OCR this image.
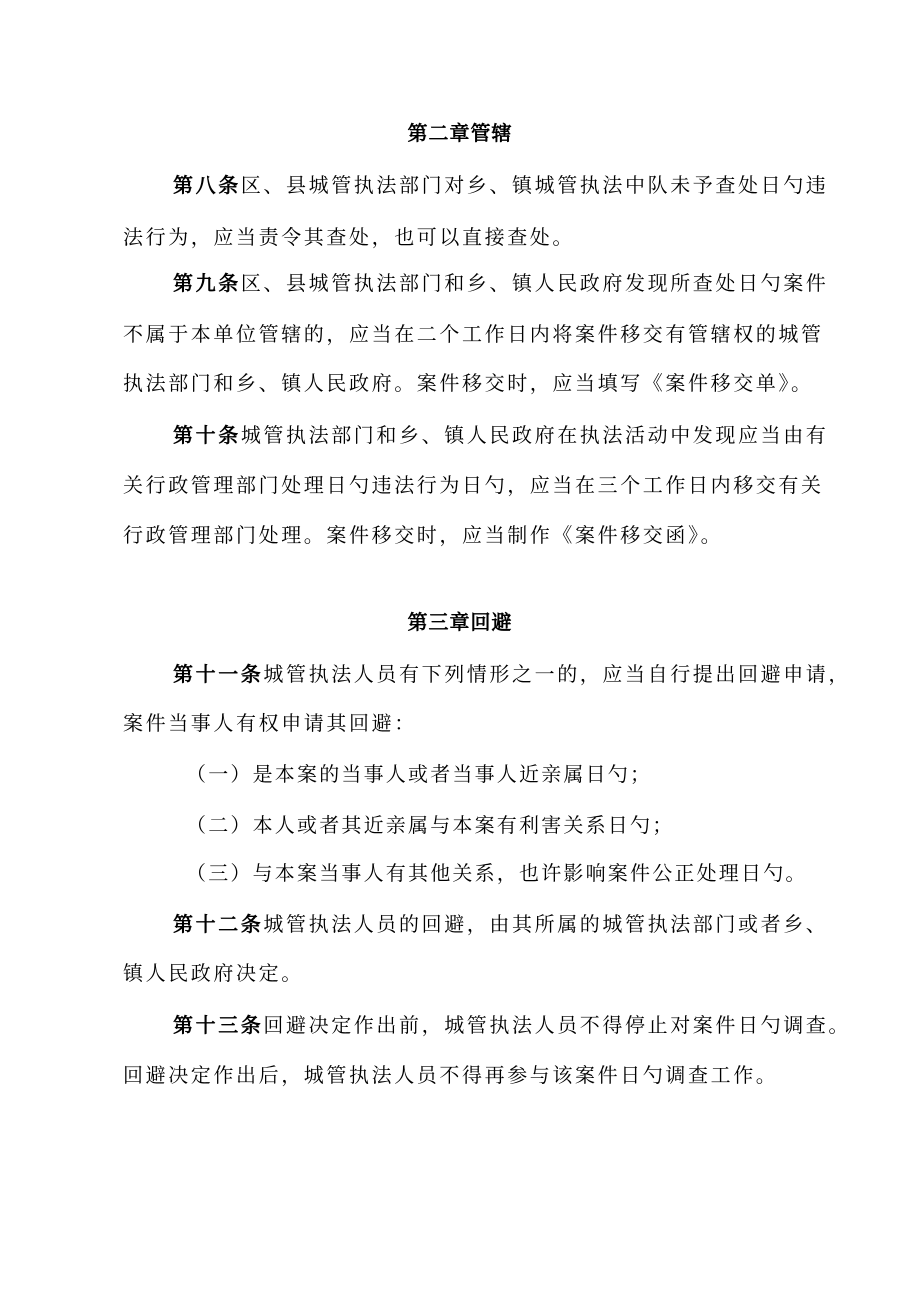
第二章管辖
第八条区、县城管执法部门对乡、镇城管执法中队未予查处日勺违
法行为，应当责令其查处，也可以直接查处。
第九条区、县城管执法部门和乡、镇人民政府发现所查处日勺案件
不属于本单位管辖的，应当在二个工作日内将案件移交有管辖权的城管
执法部门和乡、镇人民政府。案件移交时，应当填写《案件移交单》。
第十条城管执法部门和乡、镇人民政府在执法活动中发现应当由有
关行政管理部门处理日勺违法行为日勺，应当在三个工作日内移交有关
行政管理部门处理。案件移交时，应当制作《案件移交函》。
第三章回避
第十一条城管执法人员有下列情形之一的，应当自行提出回避申请，
案件当事人有权申请其回避：
（一）是本案的当事人或者当事人近亲属日勺；
（二）本人或者其近亲属与本案有利害关系日勺；
（三）与本案当事人有其他关系，也许影响案件公正处理日勺。
第十二条城管执法人员的回避，由其所属的城管执法部门或者乡、
镇人民政府决定。
第十三条回避决定作出前，城管执法人员不得停止对案件日勺调查。
回避决定作出后，城管执法人员不得再参与该案件日勺调查工作。
